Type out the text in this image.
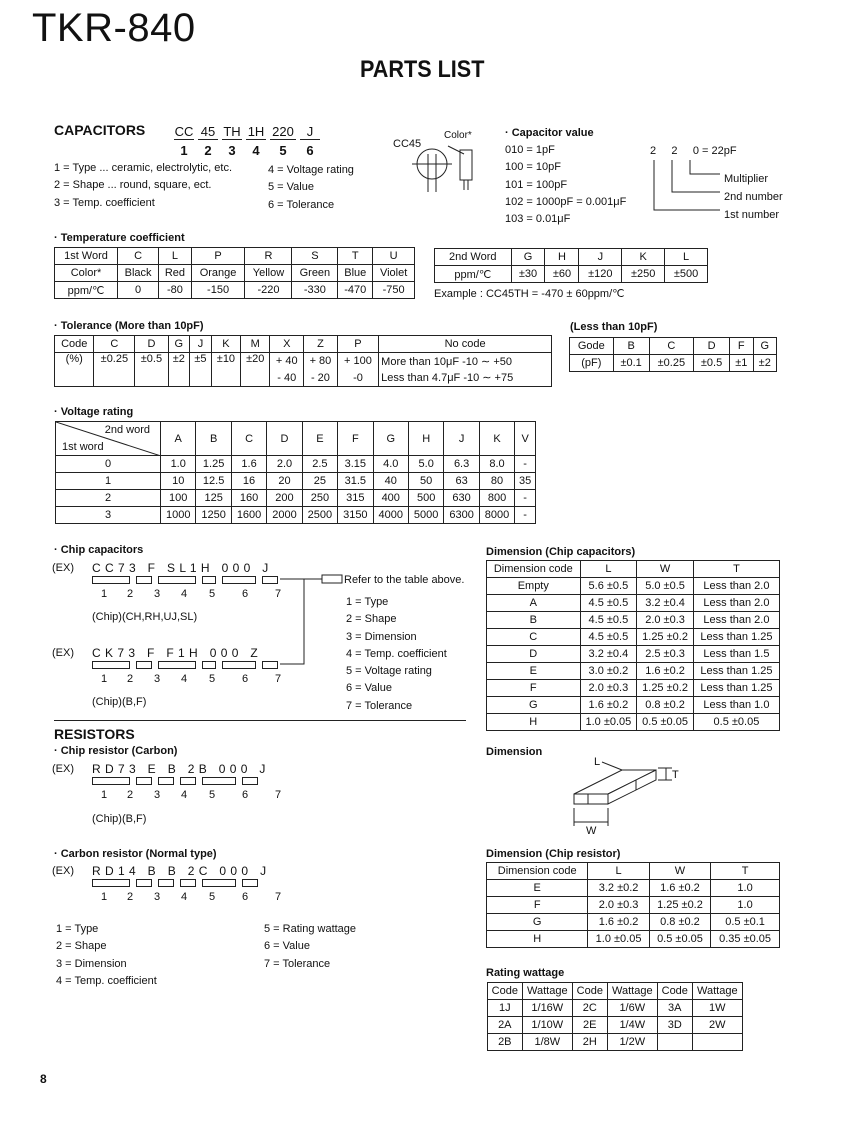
TKR-840
PARTS LIST
CAPACITORS CC 45 TH 1H 220 J
1	2	3	4	5	6
1 = Type ... ceramic, electrolytic, etc.
2 = Shape ... round, square, ect.
3 = Temp. coefficient
4 = Voltage rating
5 = Value
6 = Tolerance
CC45
Color*	· Capacitor value
010 = 1pF
100 = 10pF
101 = 100pF
102 = 1000pF = 0.001μF
103 = 0.01μF
2 2 0 = 22pF
Multiplier
2nd number
1st number
· Temperature coefficient
1st Word	C	L	P	R	S	T	U
Color*	Black	Red	Orange	Yellow	Green	Blue	Violet
ppm/℃	0	-80	-150	-220	-330	-470	-750
2nd Word	G	H	J	K	L
ppm/℃	±30	±60	±120	±250	±500
Example : CC45TH = -470 ± 60ppm/℃
· Tolerance (More than 10pF)
Code	C	D	G	J	K	M	X	Z	P	No code
(%)	±0.25	±0.5	±2	±5	±10	±20	+ 40	+ 80	+ 100	More than 10μF -10 ∼ +50
							- 40	- 20	-0	Less than 4.7μF -10 ∼ +75
(Less than 10pF)
Gode	B	C	D	F	G
(pF)	±0.1	±0.25	±0.5	±1	±2
· Voltage rating
2nd word
1st word	A	B	C	D	E	F	G	H	J	K	V
0	1.0	1.25	1.6	2.0	2.5	3.15	4.0	5.0	6.3	8.0	-
1	10	12.5	16	20	25	31.5	40	50	63	80	35
2	100	125	160	200	250	315	400	500	630	800	-
3	1000	1250	1600	2000	2500	3150	4000	5000	6300	8000	-
· Chip capacitors
(EX) C C 7 3   F   S L 1 H   0 0 0   J
1	2	3	4	5	6	7
(Chip)(CH,RH,UJ,SL)
(EX) C K 7 3   F   F 1 H   0 0 0   Z
1	2	3	4	5	6	7
(Chip)(B,F)
Refer to the table above.
1 = Type
2 = Shape
3 = Dimension
4 = Temp. coefficient
5 = Voltage rating
6 = Value
7 = Tolerance
Dimension (Chip capacitors)
Dimension code	L	W	T
Empty	5.6 ±0.5	5.0 ±0.5	Less than 2.0
A	4.5 ±0.5	3.2 ±0.4	Less than 2.0
B	4.5 ±0.5	2.0 ±0.3	Less than 2.0
C	4.5 ±0.5	1.25 ±0.2	Less than 1.25
D	3.2 ±0.4	2.5 ±0.3	Less than 1.5
E	3.0 ±0.2	1.6 ±0.2	Less than 1.25
F	2.0 ±0.3	1.25 ±0.2	Less than 1.25
G	1.6 ±0.2	0.8 ±0.2	Less than 1.0
H	1.0 ±0.05	0.5 ±0.05	0.5 ±0.05
Dimension
L
T
W
RESISTORS
· Chip resistor (Carbon)
(EX) R D 7 3   E   B   2 B   0 0 0   J
1	2	3	4	5	6	7
(Chip)(B,F)
· Carbon resistor (Normal type)
(EX) R D 1 4   B   B   2 C   0 0 0   J
1	2	3	4	5	6	7
1 = Type
2 = Shape
3 = Dimension
4 = Temp. coefficient
5 = Rating wattage
6 = Value
7 = Tolerance
Dimension (Chip resistor)
Dimension code	L	W	T
E	3.2 ±0.2	1.6 ±0.2	1.0
F	2.0 ±0.3	1.25 ±0.2	1.0
G	1.6 ±0.2	0.8 ±0.2	0.5 ±0.1
H	1.0 ±0.05	0.5 ±0.05	0.35 ±0.05
Rating wattage
Code	Wattage	Code	Wattage	Code	Wattage
1J	1/16W	2C	1/6W	3A	1W
2A	1/10W	2E	1/4W	3D	2W
2B	1/8W	2H	1/2W		
8
